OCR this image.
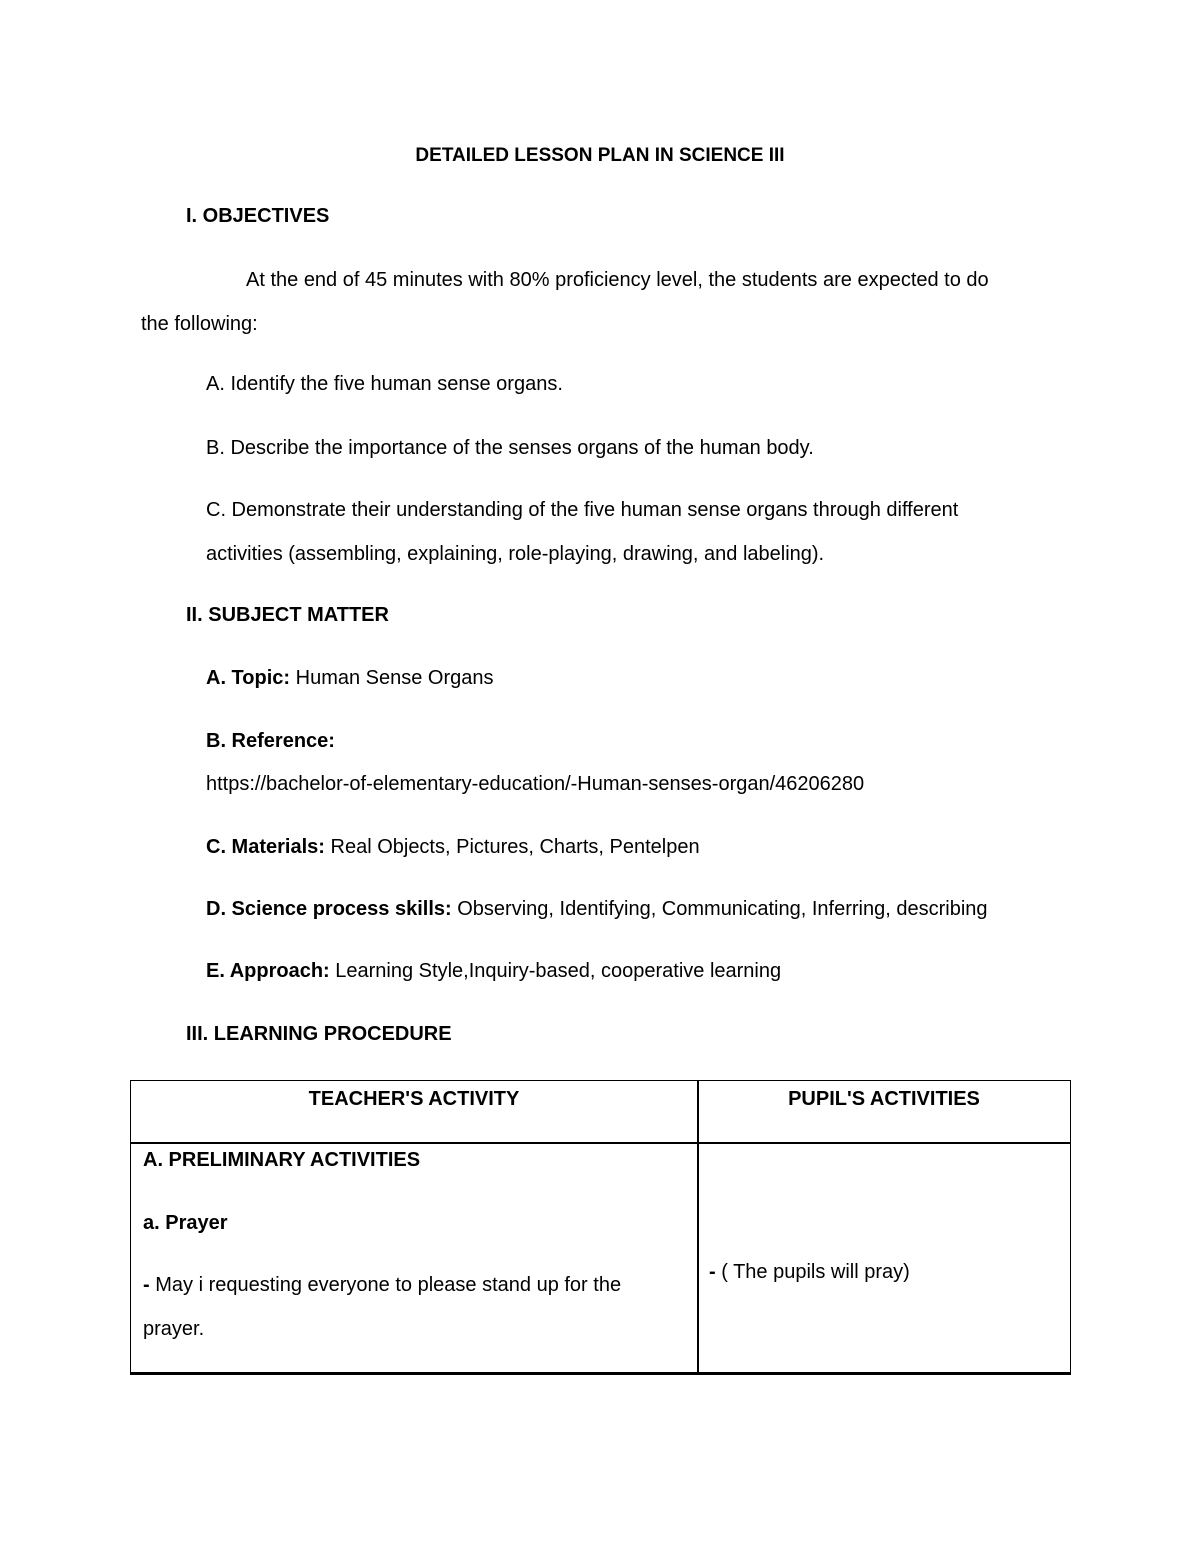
DETAILED LESSON PLAN IN SCIENCE III
I. OBJECTIVES
At the end of 45 minutes with 80% proficiency level, the students are expected to do
the following:
A. Identify the five human sense organs.
B. Describe the importance of the senses organs of the human body.
C. Demonstrate their understanding of the five human sense organs through different
activities (assembling, explaining, role-playing, drawing, and labeling).
II. SUBJECT MATTER
A. Topic: Human Sense Organs
B. Reference:
https://bachelor-of-elementary-education/-Human-senses-organ/46206280
C. Materials: Real Objects, Pictures, Charts, Pentelpen
D. Science process skills: Observing, Identifying, Communicating, Inferring, describing
E. Approach: Learning Style,Inquiry-based, cooperative learning
III. LEARNING PROCEDURE
TEACHER'S ACTIVITY	PUPIL'S ACTIVITIES
A. PRELIMINARY ACTIVITIES
a. Prayer
- May i requesting everyone to please stand up for the
prayer.
- ( The pupils will pray)
